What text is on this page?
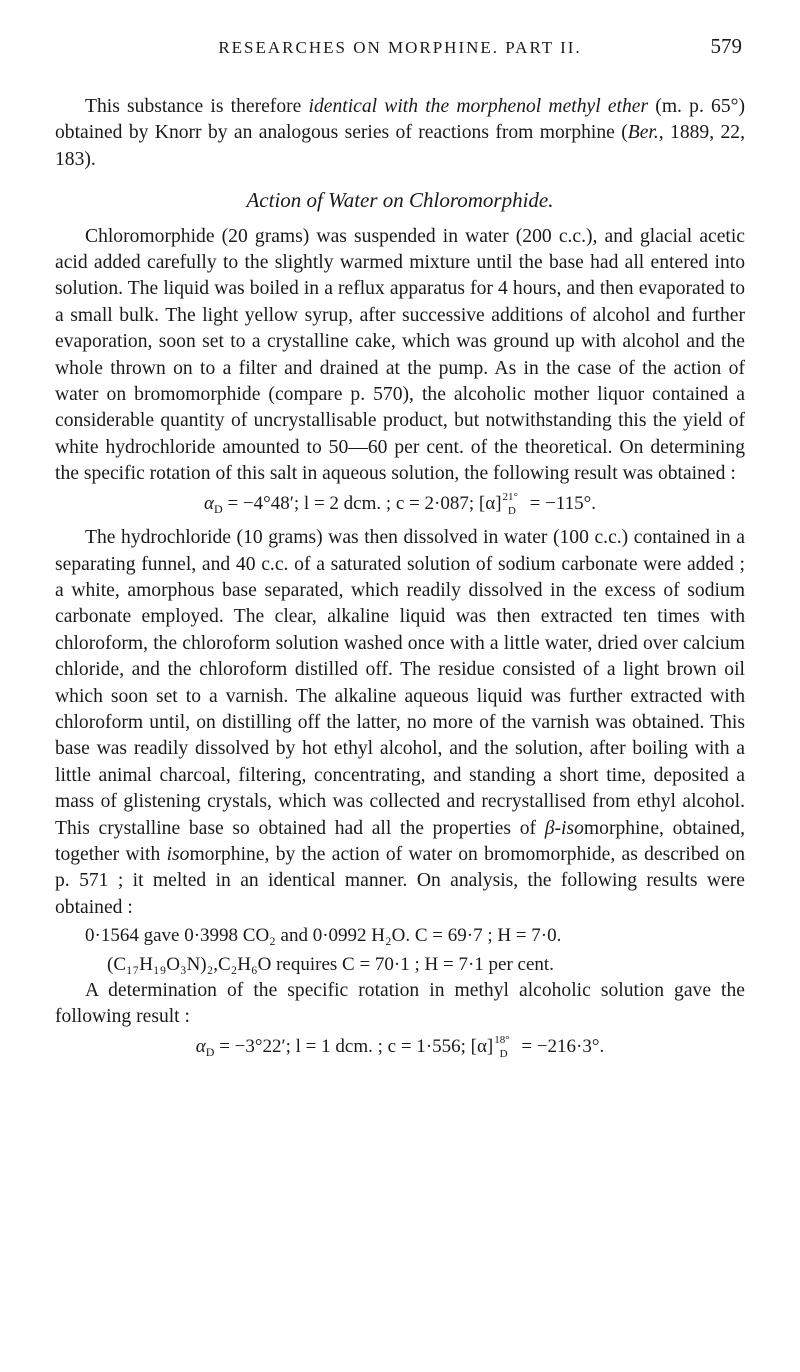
RESEARCHES ON MORPHINE. PART II.	579

This substance is therefore identical with the morphenol methyl ether (m. p. 65°) obtained by Knorr by an analogous series of reactions from morphine (Ber., 1889, 22, 183).

Action of Water on Chloromorphide.

Chloromorphide (20 grams) was suspended in water (200 c.c.), and glacial acetic acid added carefully to the slightly warmed mixture until the base had all entered into solution. The liquid was boiled in a reflux apparatus for 4 hours, and then evaporated to a small bulk. The light yellow syrup, after successive additions of alcohol and further evaporation, soon set to a crystalline cake, which was ground up with alcohol and the whole thrown on to a filter and drained at the pump. As in the case of the action of water on bromomorphide (compare p. 570), the alcoholic mother liquor contained a considerable quantity of uncrystallisable product, but notwithstanding this the yield of white hydrochloride amounted to 50—60 per cent. of the theoretical. On determining the specific rotation of this salt in aqueous solution, the following result was obtained :

$\alpha_D = -4^\circ 48'$; l = 2 dcm. ; c = 2·087; $[\alpha]^{21^\circ}_D = -115^\circ$.

The hydrochloride (10 grams) was then dissolved in water (100 c.c.) contained in a separating funnel, and 40 c.c. of a saturated solution of sodium carbonate were added ; a white, amorphous base separated, which readily dissolved in the excess of sodium carbonate employed. The clear, alkaline liquid was then extracted ten times with chloroform, the chloroform solution washed once with a little water, dried over calcium chloride, and the chloroform distilled off. The residue consisted of a light brown oil which soon set to a varnish. The alkaline aqueous liquid was further extracted with chloroform until, on distilling off the latter, no more of the varnish was obtained. This base was readily dissolved by hot ethyl alcohol, and the solution, after boiling with a little animal charcoal, filtering, concentrating, and standing a short time, deposited a mass of glistening crystals, which was collected and recrystallised from ethyl alcohol. This crystalline base so obtained had all the properties of β-isomorphine, obtained, together with isomorphine, by the action of water on bromomorphide, as described on p. 571 ; it melted in an identical manner. On analysis, the following results were obtained :

0·1564 gave 0·3998 CO₂ and 0·0992 H₂O. C = 69·7 ; H = 7·0.

(C₁₇H₁₉O₃N)₂,C₂H₆O requires C = 70·1 ; H = 7·1 per cent.

A determination of the specific rotation in methyl alcoholic solution gave the following result :

$\alpha_D = -3^\circ 22'$; l = 1 dcm. ; c = 1·556; $[\alpha]^{18^\circ}_D = -216\cdot 3^\circ$.
